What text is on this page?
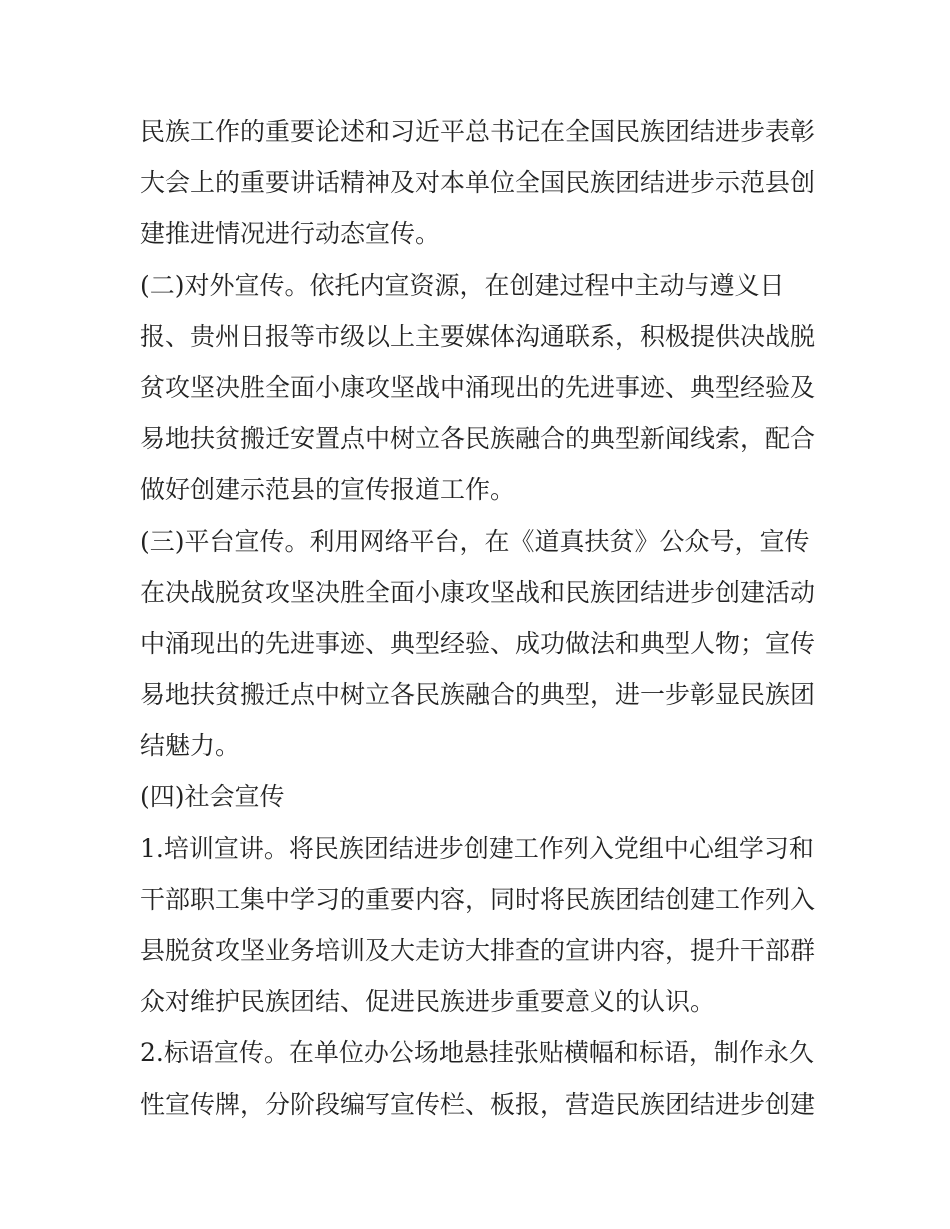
民族工作的重要论述和习近平总书记在全国民族团结进步表彰
大会上的重要讲话精神及对本单位全国民族团结进步示范县创
建推进情况进行动态宣传。
(二)对外宣传。依托内宣资源，在创建过程中主动与遵义日
报、贵州日报等市级以上主要媒体沟通联系，积极提供决战脱
贫攻坚决胜全面小康攻坚战中涌现出的先进事迹、典型经验及
易地扶贫搬迁安置点中树立各民族融合的典型新闻线索，配合
做好创建示范县的宣传报道工作。
(三)平台宣传。利用网络平台，在《道真扶贫》公众号，宣传
在决战脱贫攻坚决胜全面小康攻坚战和民族团结进步创建活动
中涌现出的先进事迹、典型经验、成功做法和典型人物；宣传
易地扶贫搬迁点中树立各民族融合的典型，进一步彰显民族团
结魅力。
(四)社会宣传
1.培训宣讲。将民族团结进步创建工作列入党组中心组学习和
干部职工集中学习的重要内容，同时将民族团结创建工作列入
县脱贫攻坚业务培训及大走访大排查的宣讲内容，提升干部群
众对维护民族团结、促进民族进步重要意义的认识。
2.标语宣传。在单位办公场地悬挂张贴横幅和标语，制作永久
性宣传牌，分阶段编写宣传栏、板报，营造民族团结进步创建
